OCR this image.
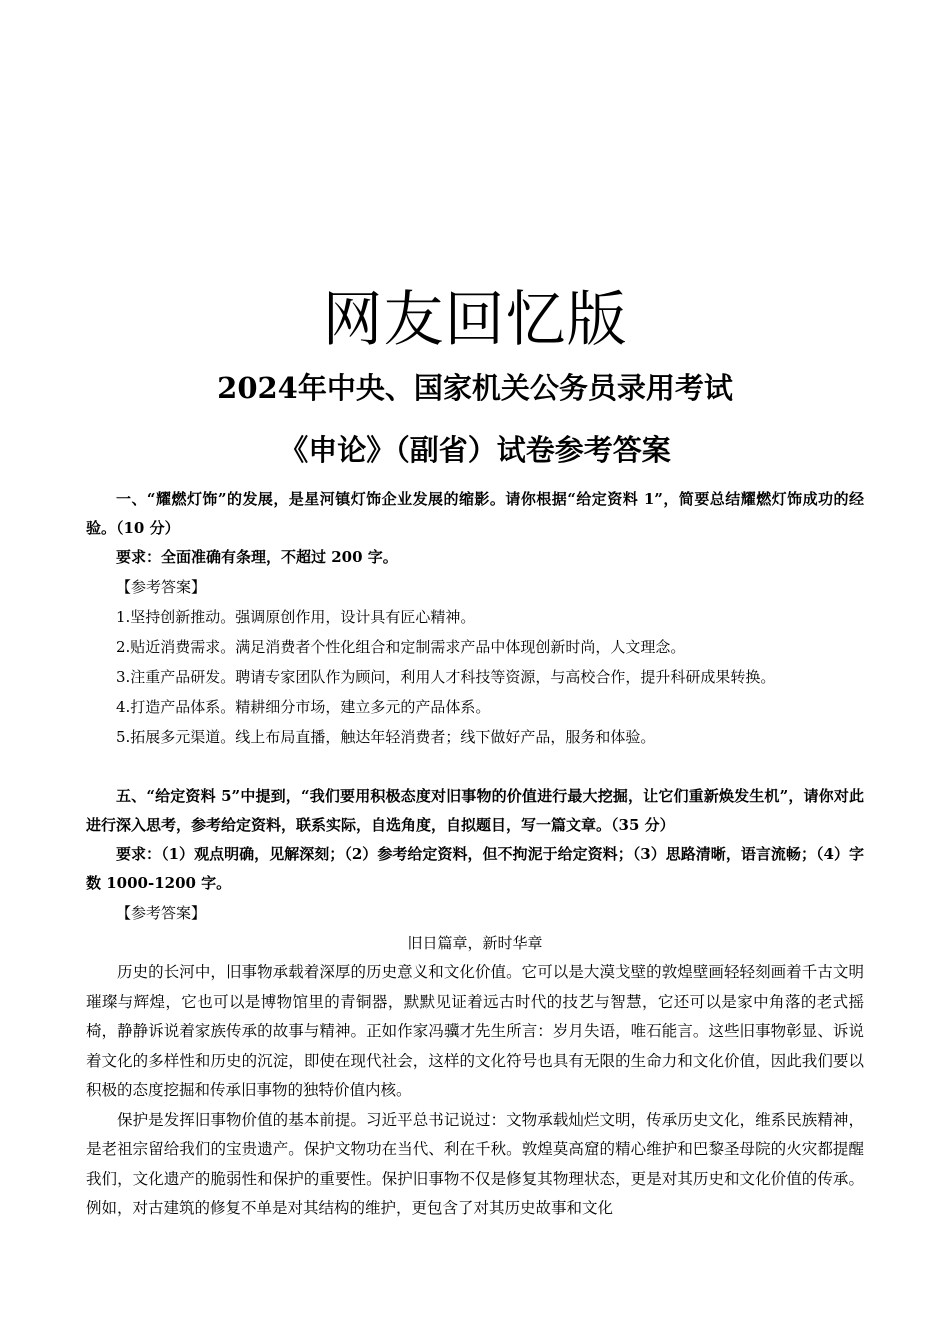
网友回忆版
2024年中央、国家机关公务员录用考试
《申论》（副省）试卷参考答案

一、“耀燃灯饰”的发展，是星河镇灯饰企业发展的缩影。请你根据“给定资料 1”，简要总结耀燃灯饰成功的经验。（10 分）

要求：全面准确有条理，不超过 200 字。

【参考答案】

1.坚持创新推动。强调原创作用，设计具有匠心精神。

2.贴近消费需求。满足消费者个性化组合和定制需求产品中体现创新时尚，人文理念。

3.注重产品研发。聘请专家团队作为顾问，利用人才科技等资源，与高校合作，提升科研成果转换。

4.打造产品体系。精耕细分市场，建立多元的产品体系。

5.拓展多元渠道。线上布局直播，触达年轻消费者；线下做好产品，服务和体验。

五、“给定资料 5”中提到，“我们要用积极态度对旧事物的价值进行最大挖掘，让它们重新焕发生机”，请你对此进行深入思考，参考给定资料，联系实际，自选角度，自拟题目，写一篇文章。（35 分）

要求：（1）观点明确，见解深刻；（2）参考给定资料，但不拘泥于给定资料；（3）思路清晰，语言流畅；（4）字数 1000-1200 字。

【参考答案】

旧日篇章，新时华章

历史的长河中，旧事物承载着深厚的历史意义和文化价值。它可以是大漠戈壁的敦煌壁画轻轻刻画着千古文明璀璨与辉煌，它也可以是博物馆里的青铜器，默默见证着远古时代的技艺与智慧，它还可以是家中角落的老式摇椅，静静诉说着家族传承的故事与精神。正如作家冯骥才先生所言：岁月失语，唯石能言。这些旧事物彰显、诉说着文化的多样性和历史的沉淀，即使在现代社会，这样的文化符号也具有无限的生命力和文化价值，因此我们要以积极的态度挖掘和传承旧事物的独特价值内核。

保护是发挥旧事物价值的基本前提。习近平总书记说过：文物承载灿烂文明，传承历史文化，维系民族精神，是老祖宗留给我们的宝贵遗产。保护文物功在当代、利在千秋。敦煌莫高窟的精心维护和巴黎圣母院的火灾都提醒我们，文化遗产的脆弱性和保护的重要性。保护旧事物不仅是修复其物理状态，更是对其历史和文化价值的传承。例如，对古建筑的修复不单是对其结构的维护，更包含了对其历史故事和文化
